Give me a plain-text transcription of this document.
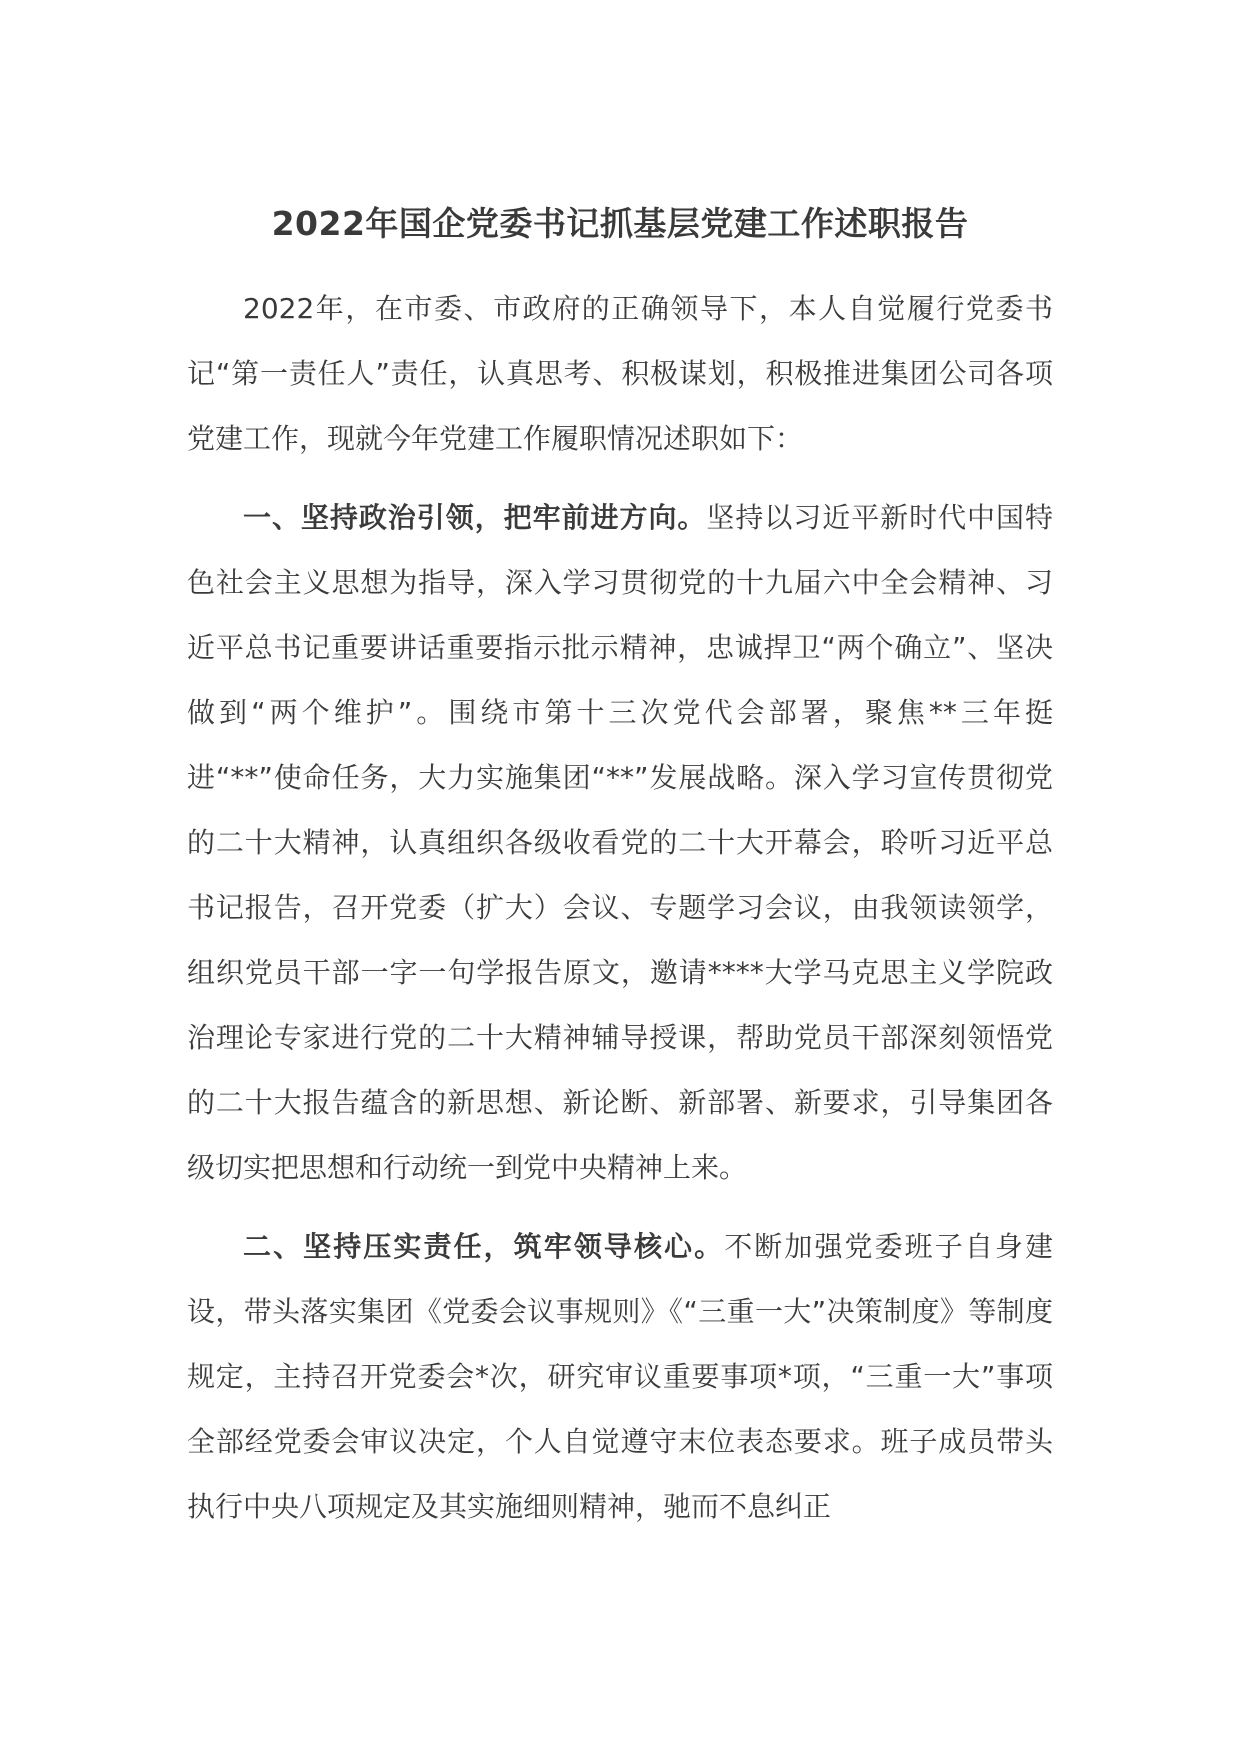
2022年国企党委书记抓基层党建工作述职报告

2022年，在市委、市政府的正确领导下，本人自觉履行党委书记“第一责任人”责任，认真思考、积极谋划，积极推进集团公司各项党建工作，现就今年党建工作履职情况述职如下：

一、坚持政治引领，把牢前进方向。坚持以习近平新时代中国特色社会主义思想为指导，深入学习贯彻党的十九届六中全会精神、习近平总书记重要讲话重要指示批示精神，忠诚捍卫“两个确立”、坚决做到“两个维护”。围绕市第十三次党代会部署，聚焦**三年挺进“**”使命任务，大力实施集团“**”发展战略。深入学习宣传贯彻党的二十大精神，认真组织各级收看党的二十大开幕会，聆听习近平总书记报告，召开党委（扩大）会议、专题学习会议，由我领读领学，组织党员干部一字一句学报告原文，邀请****大学马克思主义学院政治理论专家进行党的二十大精神辅导授课，帮助党员干部深刻领悟党的二十大报告蕴含的新思想、新论断、新部署、新要求，引导集团各级切实把思想和行动统一到党中央精神上来。

二、坚持压实责任，筑牢领导核心。不断加强党委班子自身建设，带头落实集团《党委会议事规则》《“三重一大”决策制度》等制度规定，主持召开党委会*次，研究审议重要事项*项，“三重一大”事项全部经党委会审议决定，个人自觉遵守末位表态要求。班子成员带头执行中央八项规定及其实施细则精神，驰而不息纠正
